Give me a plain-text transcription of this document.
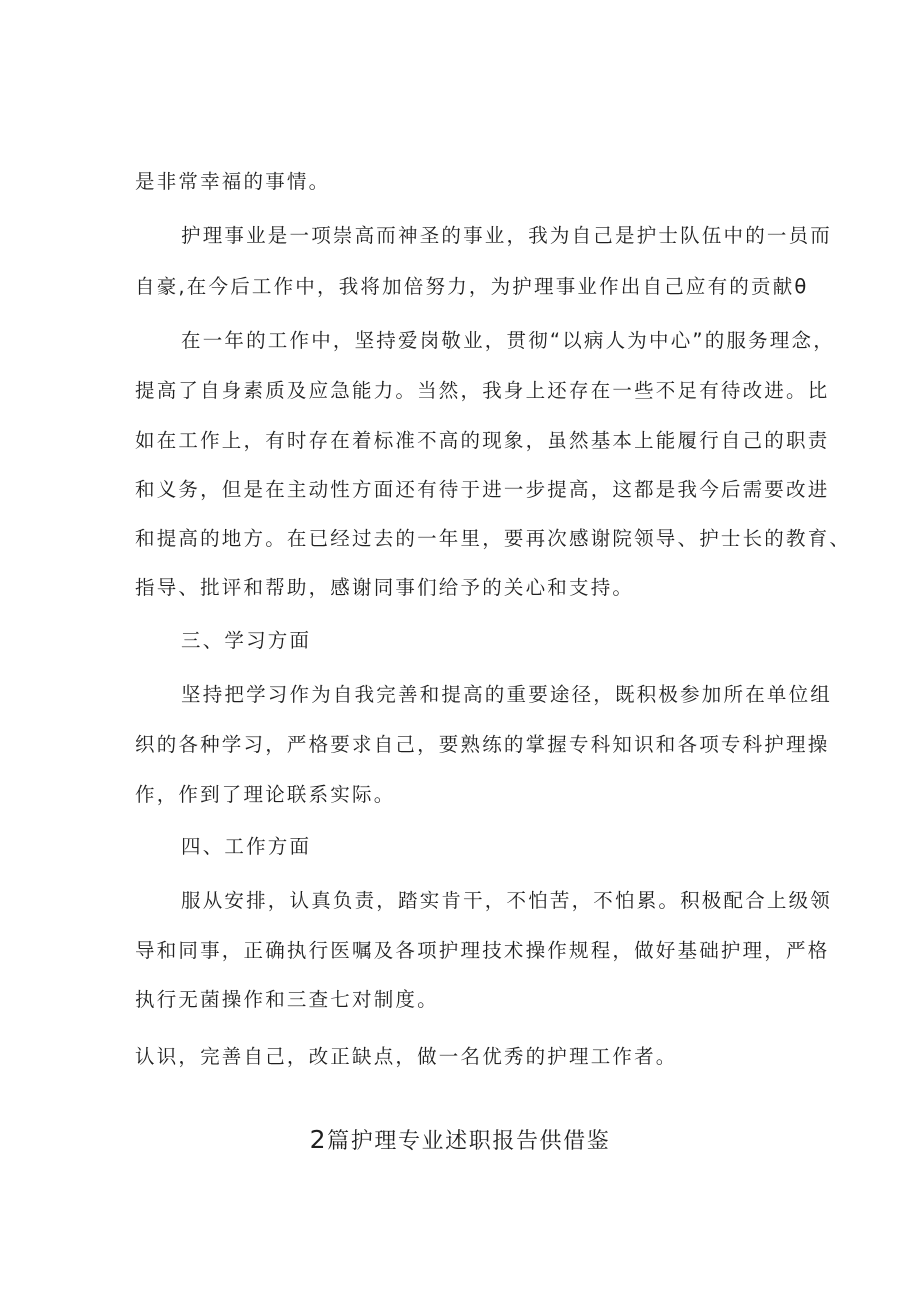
是非常幸福的事情。
护理事业是一项崇高而神圣的事业，我为自己是护士队伍中的一员而
自豪,在今后工作中，我将加倍努力，为护理事业作出自己应有的贡献θ
在一年的工作中，坚持爱岗敬业，贯彻“以病人为中心”的服务理念，
提高了自身素质及应急能力。当然，我身上还存在一些不足有待改进。比
如在工作上，有时存在着标准不高的现象，虽然基本上能履行自己的职责
和义务，但是在主动性方面还有待于进一步提高，这都是我今后需要改进
和提高的地方。在已经过去的一年里，要再次感谢院领导、护士长的教育、
指导、批评和帮助，感谢同事们给予的关心和支持。
三、学习方面
坚持把学习作为自我完善和提高的重要途径，既积极参加所在单位组
织的各种学习，严格要求自己，要熟练的掌握专科知识和各项专科护理操
作，作到了理论联系实际。
四、工作方面
服从安排，认真负责，踏实肯干，不怕苦，不怕累。积极配合上级领
导和同事，正确执行医嘱及各项护理技术操作规程，做好基础护理，严格
执行无菌操作和三查七对制度。
认识，完善自己，改正缺点，做一名优秀的护理工作者。
2篇护理专业述职报告供借鉴
